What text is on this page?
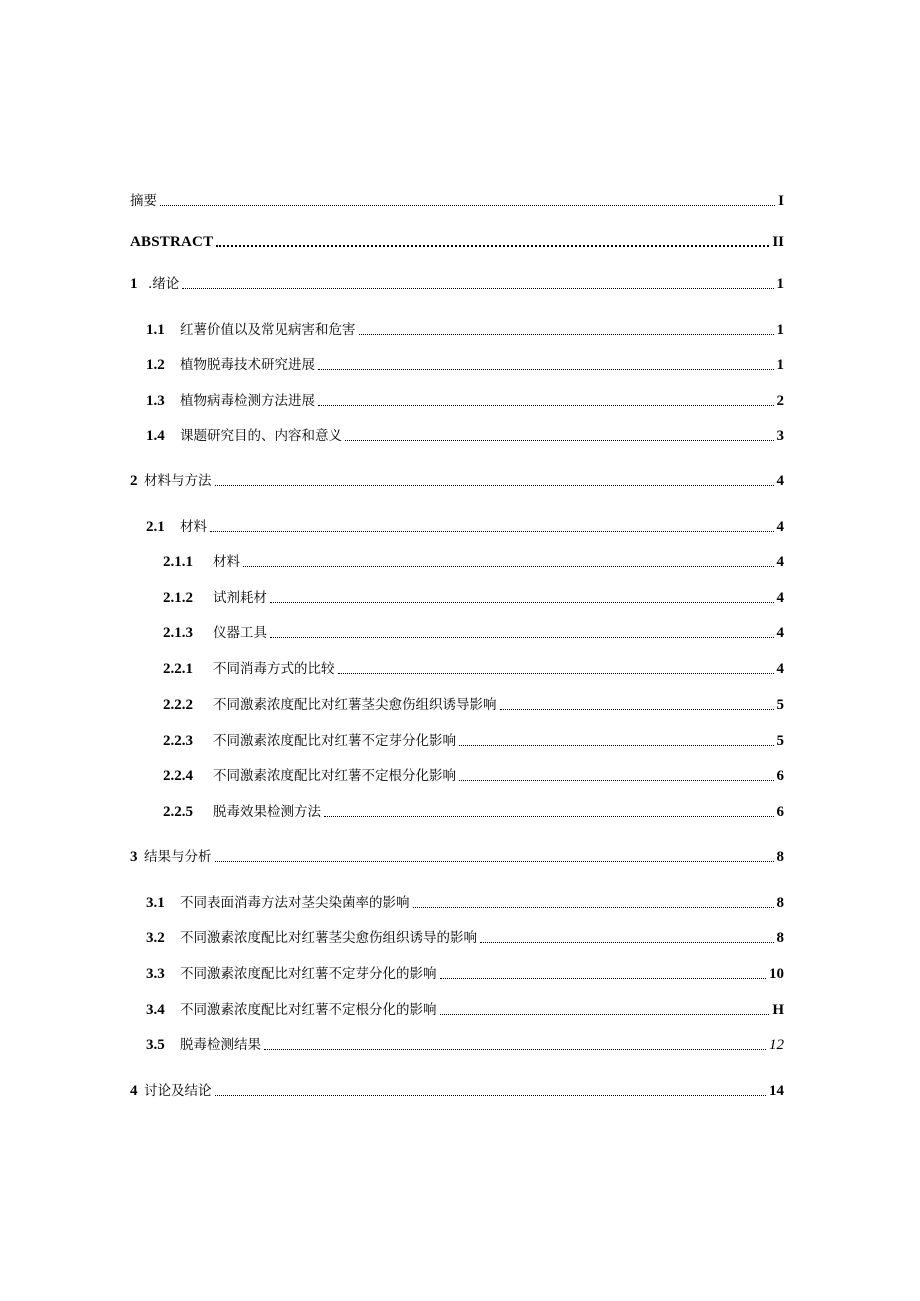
摘要	I
ABSTRACT	II
1 .绪论	1
1.1	红薯价值以及常见病害和危害	1
1.2	植物脱毒技术研究进展	1
1.3	植物病毒检测方法进展	2
1.4	课题研究目的、内容和意义	3
2 材料与方法	4
2.1	材料	4
2.1.1	材料	4
2.1.2	试剂耗材	4
2.1.3	仪器工具	4
2.2.1	不同消毒方式的比较	4
2.2.2	不同激素浓度配比对红薯茎尖愈伤组织诱导影响	5
2.2.3	不同激素浓度配比对红薯不定芽分化影响	5
2.2.4	不同激素浓度配比对红薯不定根分化影响	6
2.2.5	脱毒效果检测方法	6
3 结果与分析	8
3.1	不同表面消毒方法对茎尖染菌率的影响	8
3.2	不同激素浓度配比对红薯茎尖愈伤组织诱导的影响	8
3.3	不同激素浓度配比对红薯不定芽分化的影响	10
3.4	不同激素浓度配比对红薯不定根分化的影响	H
3.5	脱毒检测结果	12
4 讨论及结论	14
